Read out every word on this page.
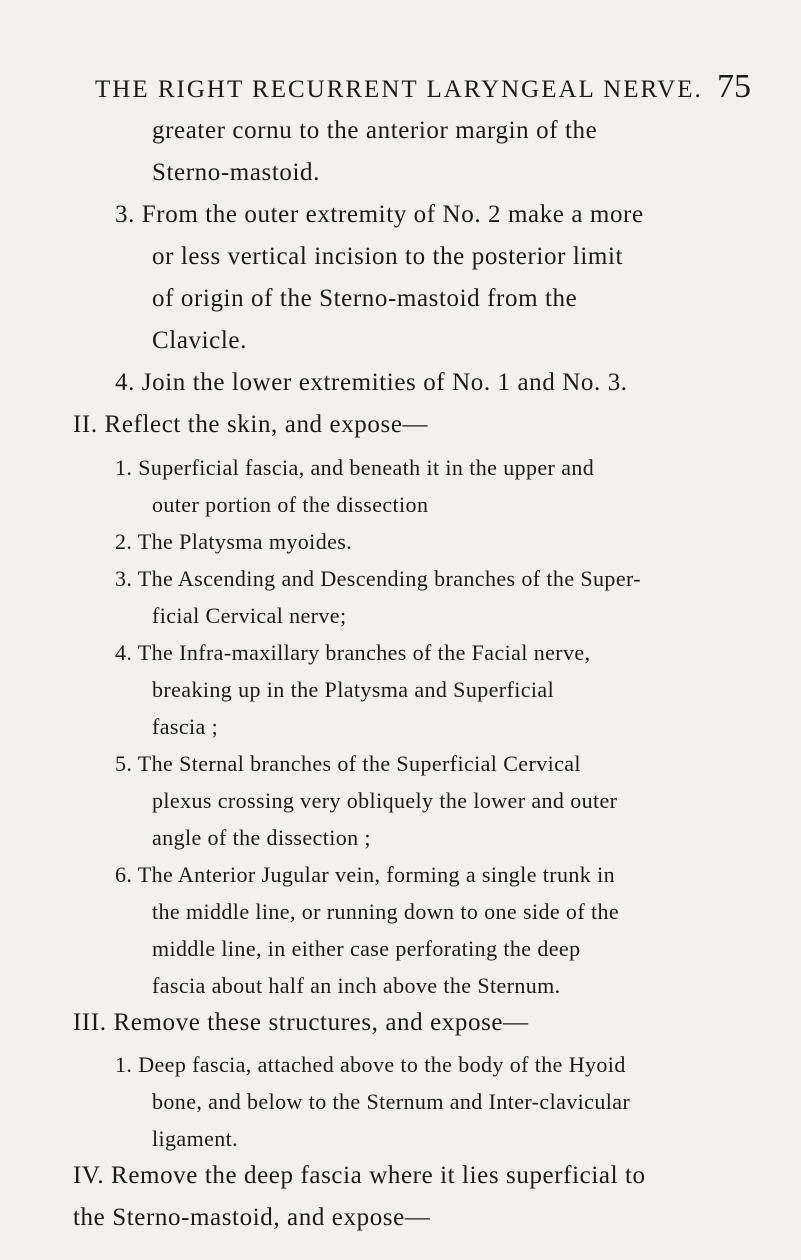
THE RIGHT RECURRENT LARYNGEAL NERVE. 75
greater cornu to the anterior margin of the
Sterno-mastoid.
3. From the outer extremity of No. 2 make a more
or less vertical incision to the posterior limit
of origin of the Sterno-mastoid from the
Clavicle.
4. Join the lower extremities of No. 1 and No. 3.
II. Reflect the skin, and expose—
1. Superficial fascia, and beneath it in the upper and
outer portion of the dissection
2. The Platysma myoides.
3. The Ascending and Descending branches of the Super-
ficial Cervical nerve;
4. The Infra-maxillary branches of the Facial nerve,
breaking up in the Platysma and Superficial
fascia ;
5. The Sternal branches of the Superficial Cervical
plexus crossing very obliquely the lower and outer
angle of the dissection ;
6. The Anterior Jugular vein, forming a single trunk in
the middle line, or running down to one side of the
middle line, in either case perforating the deep
fascia about half an inch above the Sternum.
III. Remove these structures, and expose—
1. Deep fascia, attached above to the body of the Hyoid
bone, and below to the Sternum and Inter-clavicular
ligament.
IV. Remove the deep fascia where it lies superficial to
the Sterno-mastoid, and expose—
